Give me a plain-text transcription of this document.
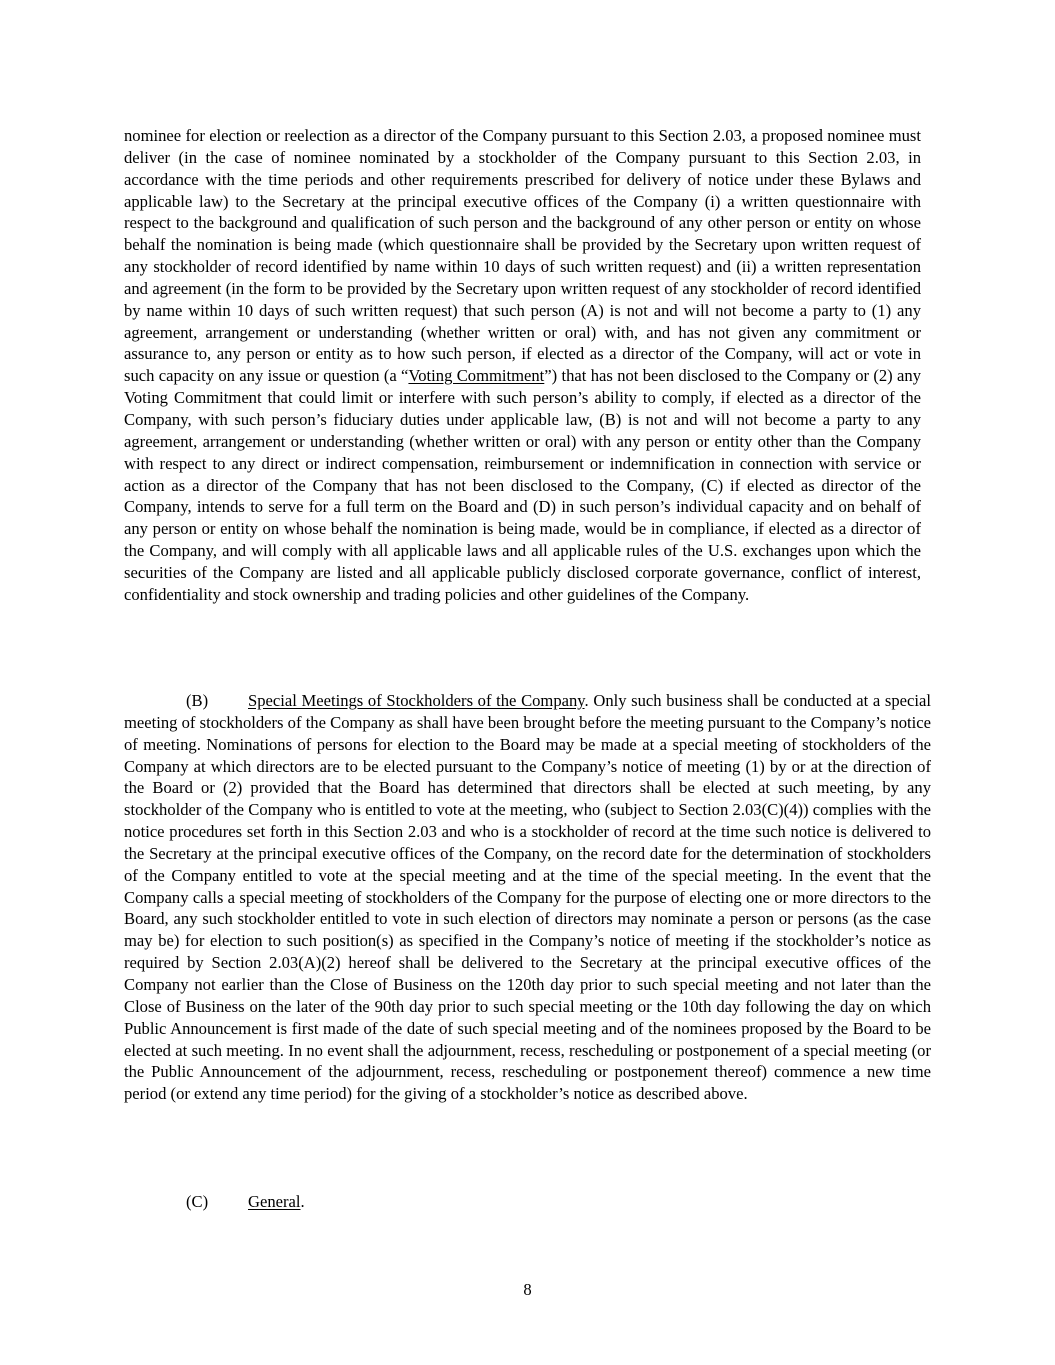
nominee for election or reelection as a director of the Company pursuant to this Section 2.03, a proposed nominee must deliver (in the case of nominee nominated by a stockholder of the Company pursuant to this Section 2.03, in accordance with the time periods and other requirements prescribed for delivery of notice under these Bylaws and applicable law) to the Secretary at the principal executive offices of the Company (i) a written questionnaire with respect to the background and qualification of such person and the background of any other person or entity on whose behalf the nomination is being made (which questionnaire shall be provided by the Secretary upon written request of any stockholder of record identified by name within 10 days of such written request) and (ii) a written representation and agreement (in the form to be provided by the Secretary upon written request of any stockholder of record identified by name within 10 days of such written request) that such person (A) is not and will not become a party to (1) any agreement, arrangement or understanding (whether written or oral) with, and has not given any commitment or assurance to, any person or entity as to how such person, if elected as a director of the Company, will act or vote in such capacity on any issue or question (a “Voting Commitment”) that has not been disclosed to the Company or (2) any Voting Commitment that could limit or interfere with such person’s ability to comply, if elected as a director of the Company, with such person’s fiduciary duties under applicable law, (B) is not and will not become a party to any agreement, arrangement or understanding (whether written or oral) with any person or entity other than the Company with respect to any direct or indirect compensation, reimbursement or indemnification in connection with service or action as a director of the Company that has not been disclosed to the Company, (C) if elected as director of the Company, intends to serve for a full term on the Board and (D) in such person’s individual capacity and on behalf of any person or entity on whose behalf the nomination is being made, would be in compliance, if elected as a director of the Company, and will comply with all applicable laws and all applicable rules of the U.S. exchanges upon which the securities of the Company are listed and all applicable publicly disclosed corporate governance, conflict of interest, confidentiality and stock ownership and trading policies and other guidelines of the Company.

(B) Special Meetings of Stockholders of the Company. Only such business shall be conducted at a special meeting of stockholders of the Company as shall have been brought before the meeting pursuant to the Company’s notice of meeting. Nominations of persons for election to the Board may be made at a special meeting of stockholders of the Company at which directors are to be elected pursuant to the Company’s notice of meeting (1) by or at the direction of the Board or (2) provided that the Board has determined that directors shall be elected at such meeting, by any stockholder of the Company who is entitled to vote at the meeting, who (subject to Section 2.03(C)(4)) complies with the notice procedures set forth in this Section 2.03 and who is a stockholder of record at the time such notice is delivered to the Secretary at the principal executive offices of the Company, on the record date for the determination of stockholders of the Company entitled to vote at the special meeting and at the time of the special meeting. In the event that the Company calls a special meeting of stockholders of the Company for the purpose of electing one or more directors to the Board, any such stockholder entitled to vote in such election of directors may nominate a person or persons (as the case may be) for election to such position(s) as specified in the Company’s notice of meeting if the stockholder’s notice as required by Section 2.03(A)(2) hereof shall be delivered to the Secretary at the principal executive offices of the Company not earlier than the Close of Business on the 120th day prior to such special meeting and not later than the Close of Business on the later of the 90th day prior to such special meeting or the 10th day following the day on which Public Announcement is first made of the date of such special meeting and of the nominees proposed by the Board to be elected at such meeting. In no event shall the adjournment, recess, rescheduling or postponement of a special meeting (or the Public Announcement of the adjournment, recess, rescheduling or postponement thereof) commence a new time period (or extend any time period) for the giving of a stockholder’s notice as described above.

(C) General.
8
